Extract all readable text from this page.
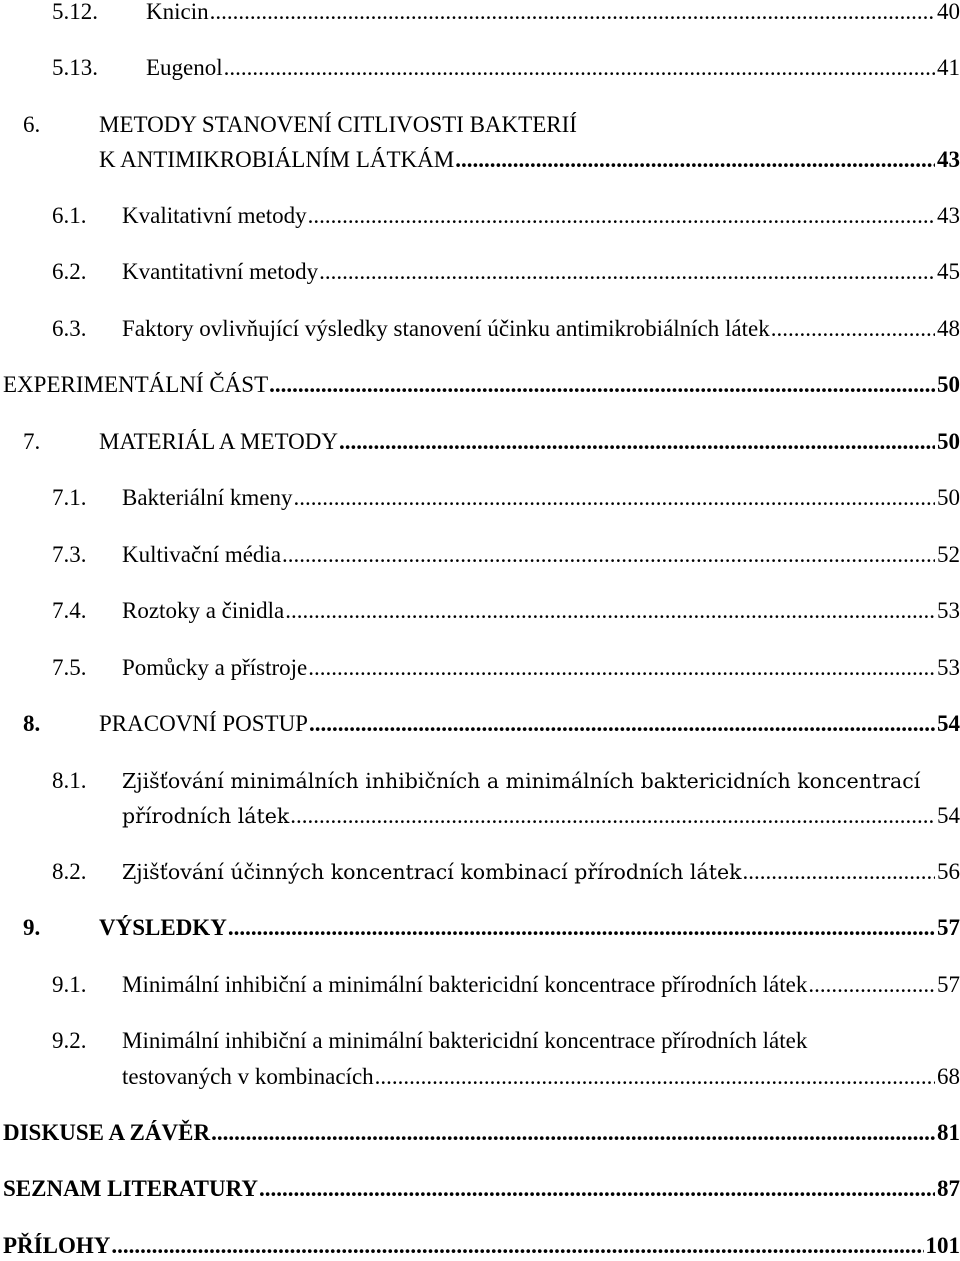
5.12.	Knicin .....	40
5.13.	Eugenol .....	41
6.	METODY STANOVENÍ CITLIVOSTI BAKTERIÍ
K ANTIMIKROBIÁLNÍM LÁTKÁM .....	43
6.1.	Kvalitativní metody .....	43
6.2.	Kvantitativní metody .....	45
6.3.	Faktory ovlivňující výsledky stanovení účinku antimikrobiálních látek .....	48
EXPERIMENTÁLNÍ ČÁST .....	50
7.	MATERIÁL A METODY .....	50
7.1.	Bakteriální kmeny .....	50
7.3.	Kultivační média .....	52
7.4.	Roztoky a činidla .....	53
7.5.	Pomůcky a přístroje .....	53
8.	PRACOVNÍ POSTUP .....	54
8.1. Zjišťování minimálních inhibičních a minimálních baktericidních koncentrací
přírodních látek .....	54
8.2.	Zjišťování účinných koncentrací kombinací přírodních látek .....	56
9.	VÝSLEDKY .....	57
9.1.	Minimální inhibiční a minimální baktericidní koncentrace přírodních látek .....	57
9.2. Minimální inhibiční a minimální baktericidní koncentrace přírodních látek
testovaných v kombinacích .....	68
DISKUSE A ZÁVĚR .....	81
SEZNAM LITERATURY .....	87
PŘÍLOHY .....	101
